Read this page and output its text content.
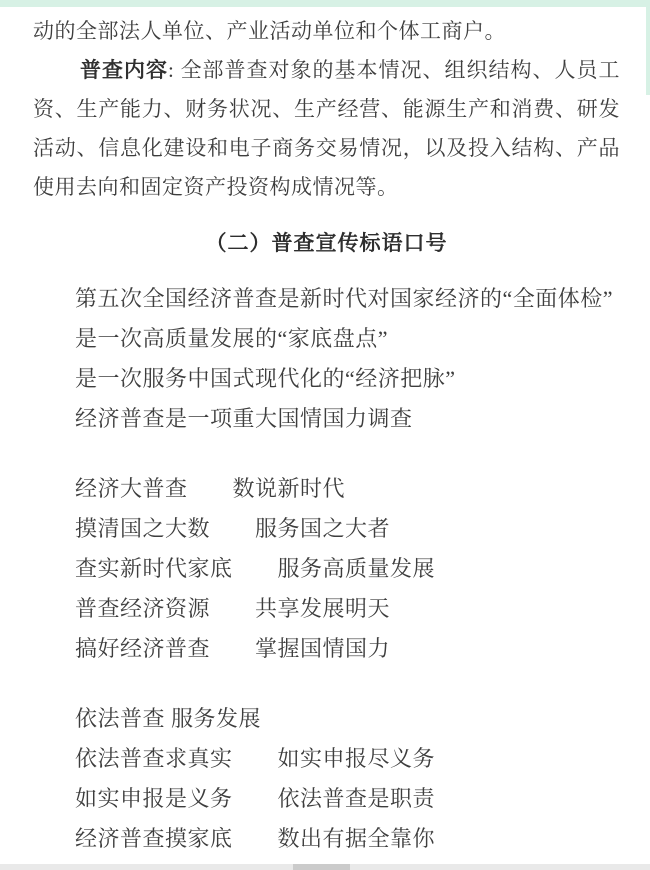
动的全部法人单位、产业活动单位和个体工商户。

普查内容: 全部普查对象的基本情况、组织结构、人员工资、生产能力、财务状况、生产经营、能源生产和消费、研发活动、信息化建设和电子商务交易情况，以及投入结构、产品使用去向和固定资产投资构成情况等。

（二）普查宣传标语口号

第五次全国经济普查是新时代对国家经济的“全面体检”

是一次高质量发展的“家底盘点”

是一次服务中国式现代化的“经济把脉”

经济普查是一项重大国情国力调查

经济大普查　　数说新时代

摸清国之大数　　服务国之大者

查实新时代家底　　服务高质量发展

普查经济资源　　共享发展明天

搞好经济普查　　掌握国情国力

依法普查 服务发展

依法普查求真实　　如实申报尽义务

如实申报是义务　　依法普查是职责

经济普查摸家底　　数出有据全靠你
